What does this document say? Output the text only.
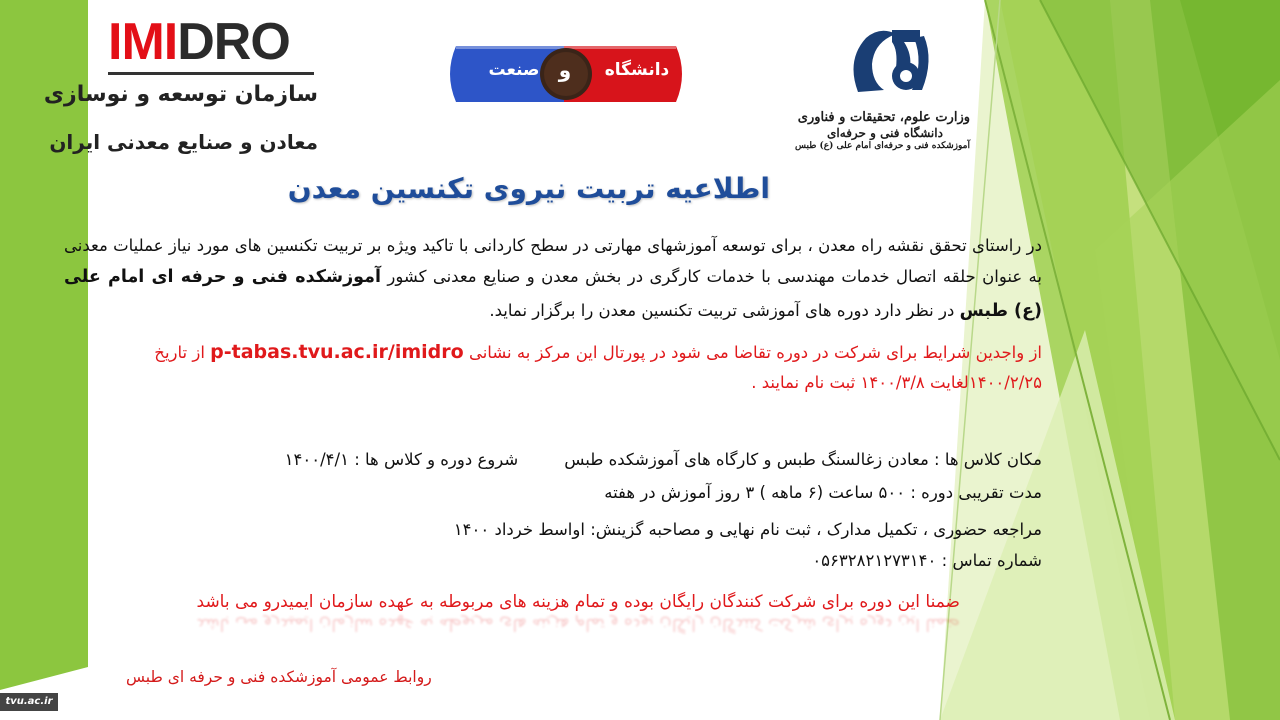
IMIDRO
سازمان توسعه و نوسازی
معادن و صنایع معدنی ایران
دانشگاه
و
صنعت
وزارت علوم، تحقیقات و فناوری
دانشگاه فنی و حرفه‌ای
آموزشکده فنی و حرفه‌ای امام علی (ع) طبس
اطلاعیه تربیت نیروی تکنسین معدن
در راستای تحقق نقشه راه معدن ، برای توسعه آموزشهای مهارتی در سطح کاردانی با تاکید ویژه بر تربیت تکنسین های مورد نیاز عملیات معدنی به عنوان حلقه اتصال خدمات مهندسی با خدمات کارگری در بخش معدن و صنایع معدنی کشور آموزشکده فنی و حرفه ای امام علی (ع) طبس در نظر دارد دوره های آموزشی تربیت تکنسین معدن را برگزار نماید.
از واجدین شرایط برای شرکت در دوره تقاضا می شود در پورتال این مرکز به نشانی p-tabas.tvu.ac.ir/imidro از تاریخ ۱۴۰۰/۲/۲۵لغایت ۱۴۰۰/۳/۸ ثبت نام نمایند .
مکان کلاس ها : معادن زغالسنگ طبس و کارگاه های آموزشکده طبسشروع دوره و کلاس ها : ۱۴۰۰/۴/۱
مدت تقریبی دوره : ۵۰۰ ساعت (۶ ماهه ) ۳ روز آموزش در هفته
مراجعه حضوری ، تکمیل مدارک ، ثبت نام نهایی و مصاحبه گزینش: اواسط خرداد ۱۴۰۰
شماره تماس : ۰۵۶۳۲۸۲۱۲۷۳۱۴۰
ضمنا این دوره برای شرکت کنندگان رایگان بوده و تمام هزینه های مربوطه به عهده سازمان ایمیدرو می باشد
ضمنا این دوره برای شرکت کنندگان رایگان بوده و تمام هزینه های مربوطه به عهده سازمان ایمیدرو می باشد
روابط عمومی آموزشکده فنی و حرفه ای طبس
tvu.ac.ir
